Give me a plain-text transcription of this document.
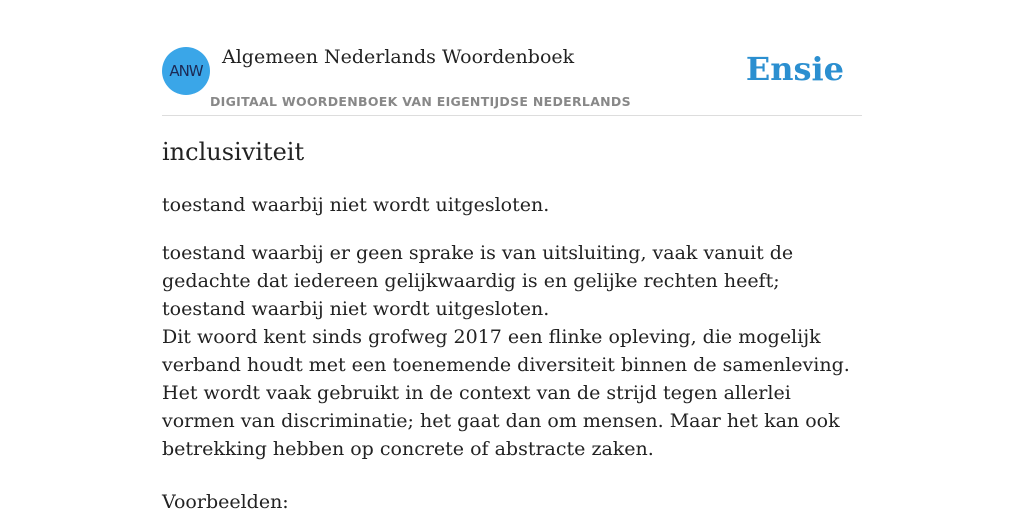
ANW
Algemeen Nederlands Woordenboek
DIGITAAL WOORDENBOEK VAN EIGENTIJDSE NEDERLANDS
Ensie
inclusiviteit
toestand waarbij niet wordt uitgesloten.

toestand waarbij er geen sprake is van uitsluiting, vaak vanuit de gedachte dat iedereen gelijkwaardig is en gelijke rechten heeft; toestand waarbij niet wordt uitgesloten.

Dit woord kent sinds grofweg 2017 een flinke opleving, die mogelijk verband houdt met een toenemende diversiteit binnen de samenleving. Het wordt vaak gebruikt in de context van de strijd tegen allerlei vormen van discriminatie; het gaat dan om mensen. Maar het kan ook betrekking hebben op concrete of abstracte zaken.

Voorbeelden:
